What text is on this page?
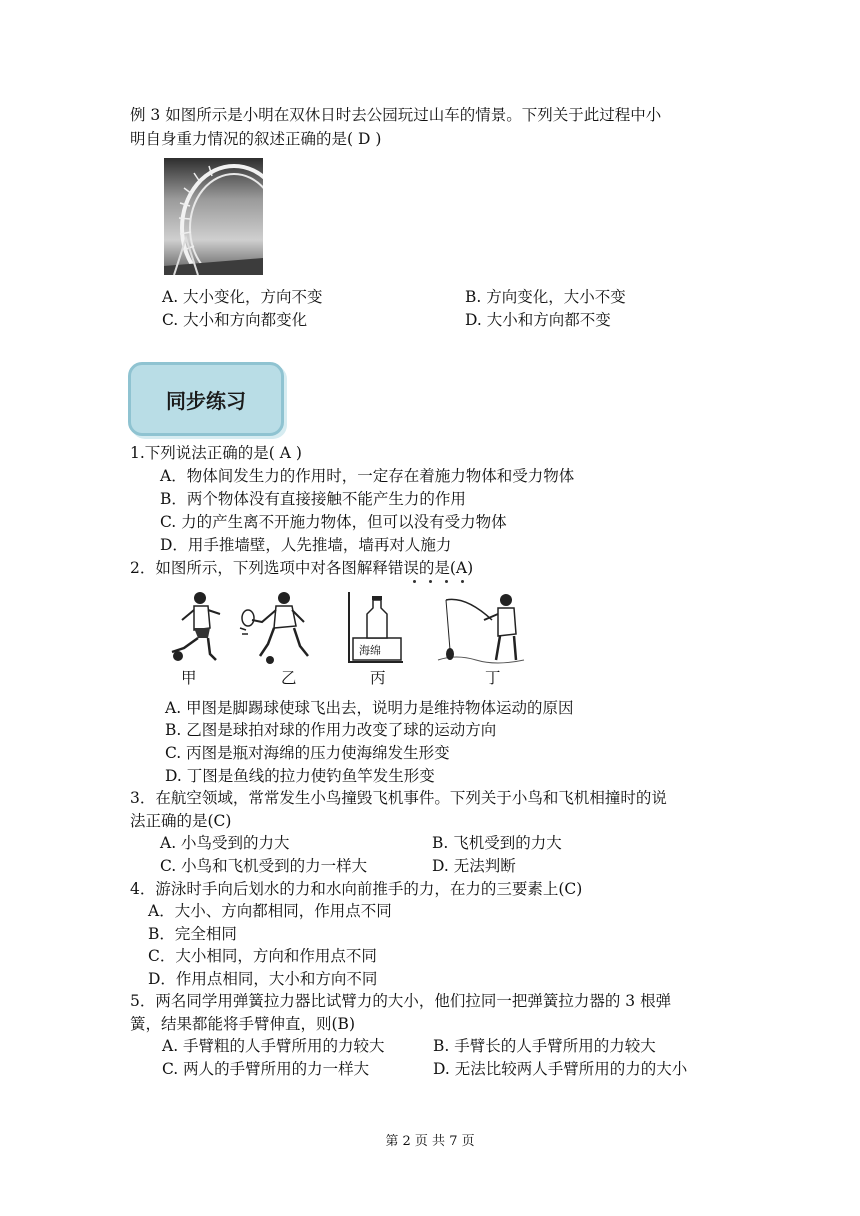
例 3 如图所示是小明在双休日时去公园玩过山车的情景。下列关于此过程中小
明自身重力情况的叙述正确的是( D )
A. 大小变化，方向不变	B. 方向变化，大小不变
C. 大小和方向都变化	D. 大小和方向都不变
同步练习
1.下列说法正确的是( A )
A．物体间发生力的作用时，一定存在着施力物体和受力物体
B．两个物体没有直接接触不能产生力的作用
C. 力的产生离不开施力物体，但可以没有受力物体
D．用手推墙壁，人先推墙，墙再对人施力
2．如图所示，下列选项中对各图解释错误的是(A)
海绵
甲	乙	丙	丁
A. 甲图是脚踢球使球飞出去，说明力是维持物体运动的原因
B. 乙图是球拍对球的作用力改变了球的运动方向
C. 丙图是瓶对海绵的压力使海绵发生形变
D. 丁图是鱼线的拉力使钓鱼竿发生形变
3．在航空领域，常常发生小鸟撞毁飞机事件。下列关于小鸟和飞机相撞时的说
法正确的是(C)
A. 小鸟受到的力大	B. 飞机受到的力大
C. 小鸟和飞机受到的力一样大	D. 无法判断
4．游泳时手向后划水的力和水向前推手的力，在力的三要素上(C)
A．大小、方向都相同，作用点不同
B．完全相同
C．大小相同，方向和作用点不同
D．作用点相同，大小和方向不同
5．两名同学用弹簧拉力器比试臂力的大小，他们拉同一把弹簧拉力器的 3 根弹
簧，结果都能将手臂伸直，则(B)
A. 手臂粗的人手臂所用的力较大	B. 手臂长的人手臂所用的力较大
C. 两人的手臂所用的力一样大	D. 无法比较两人手臂所用的力的大小
第 2 页 共 7 页
